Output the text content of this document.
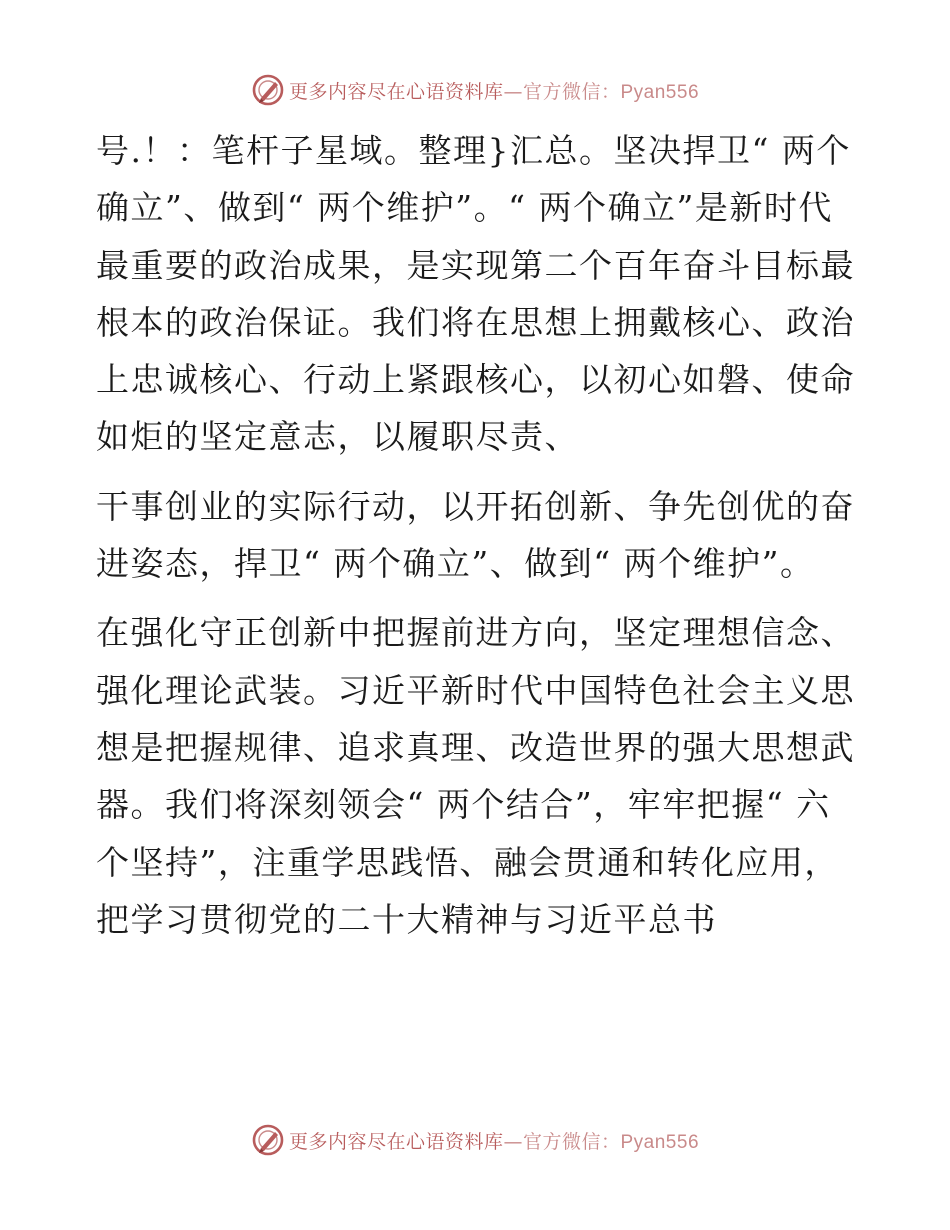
更多内容尽在心语资料库—官方微信：Pyan556

号.！：笔杆子星域。整理}汇总。坚决捍卫“ 两个确立”、做到“ 两个维护”。“ 两个确立”是新时代最重要的政治成果，是实现第二个百年奋斗目标最根本的政治保证。我们将在思想上拥戴核心、政治上忠诚核心、行动上紧跟核心，以初心如磐、使命如炬的坚定意志，以履职尽责、

干事创业的实际行动，以开拓创新、争先创优的奋进姿态，捍卫“ 两个确立”、做到“ 两个维护”。

在强化守正创新中把握前进方向，坚定理想信念、强化理论武装。习近平新时代中国特色社会主义思想是把握规律、追求真理、改造世界的强大思想武器。我们将深刻领会“ 两个结合”，牢牢把握“ 六个坚持”，注重学思践悟、融会贯通和转化应用，把学习贯彻党的二十大精神与习近平总书

更多内容尽在心语资料库—官方微信：Pyan556
